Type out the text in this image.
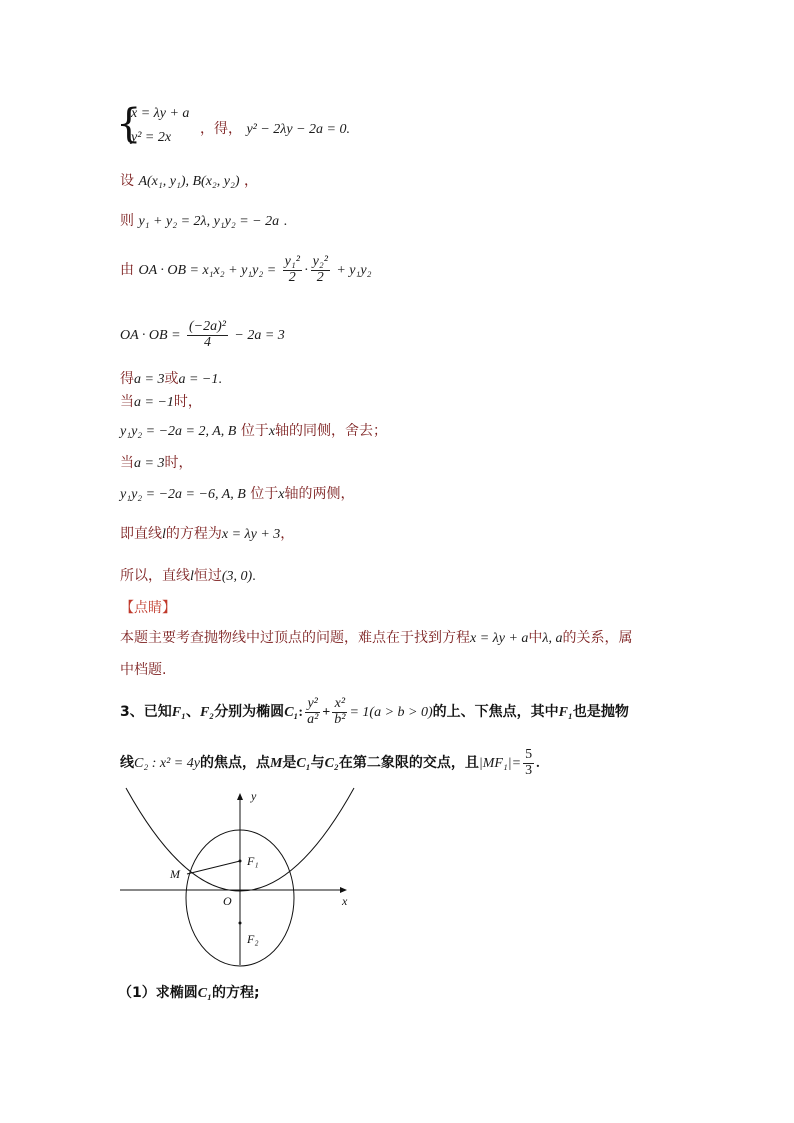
{
x = λy + a
y² = 2x
，得， y² − 2λy − 2a = 0.
设 A(x₁, y₁), B(x₂, y₂) ，
则 y₁ + y₂ = 2λ, y₁y₂ = − 2a .
由 OA · OB = $x_1x_2 + y_1y_2 = \frac{\text{y₁²}}{2} \cdot \frac{\text{y₂²}}{2} + y_1y_2$
OA · OB = $\frac{\text{(−2a)²}}{4} - 2a = 3$
得a = 3或a = −1.
当a = −1时，
y₁y₂ = −2a = 2, A, B 位于x轴的同侧，舍去；
当a = 3时，
y₁y₂ = −2a = −6, A, B 位于x轴的两侧，
即直线l的方程为x = λy + 3，
所以，直线l恒过(3, 0).
【点睛】
本题主要考查抛物线中过顶点的问题，难点在于找到方程x = λy + a中λ, a的关系，属
中档题.
3、已知F₁、F₂分别为椭圆C₁: $\frac{\text{y²}}{\text{a²}} + \frac{\text{x²}}{\text{b²}} = 1(a > b > 0)$的上、下焦点，其中F₁也是抛物
线C₂ : x² = 4y的焦点，点M是C₁与C₂在第二象限的交点，且$|MF_1|= \frac{5}{3}$ .
y
x
O
M
F₁
F₂
（1）求椭圆C₁的方程;
